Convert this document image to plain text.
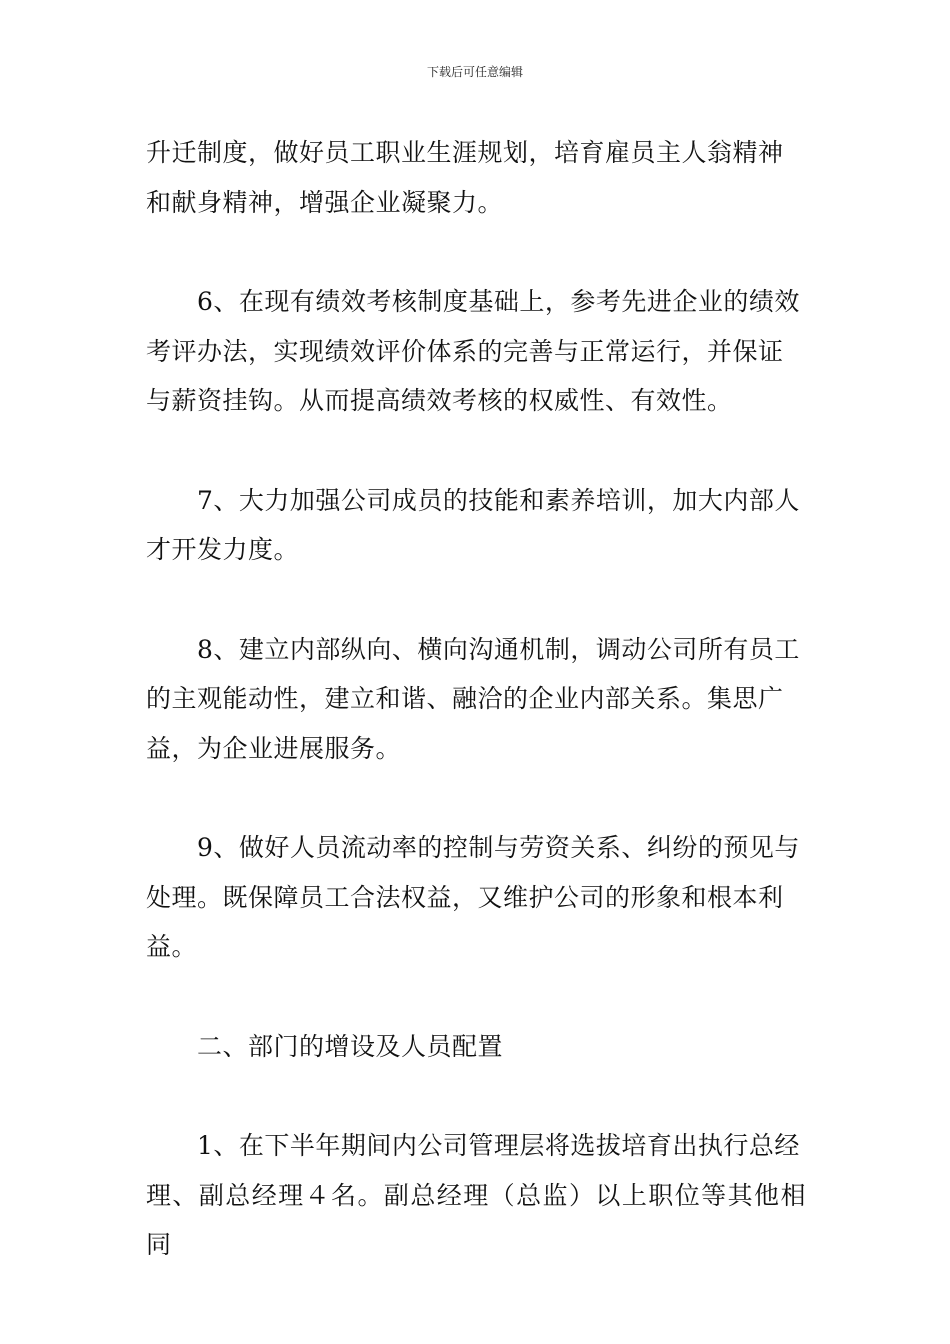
下载后可任意编辑
升迁制度，做好员工职业生涯规划，培育雇员主人翁精神
和献身精神，增强企业凝聚力。
　　6、在现有绩效考核制度基础上，参考先进企业的绩效
考评办法，实现绩效评价体系的完善与正常运行，并保证
与薪资挂钩。从而提高绩效考核的权威性、有效性。
　　7、大力加强公司成员的技能和素养培训，加大内部人
才开发力度。
　　8、建立内部纵向、横向沟通机制，调动公司所有员工
的主观能动性，建立和谐、融洽的企业内部关系。集思广
益，为企业进展服务。
　　9、做好人员流动率的控制与劳资关系、纠纷的预见与
处理。既保障员工合法权益，又维护公司的形象和根本利
益。
　　二、部门的增设及人员配置
　　1、在下半年期间内公司管理层将选拔培育出执行总经
理、副总经理４名。副总经理（总监）以上职位等其他相同
